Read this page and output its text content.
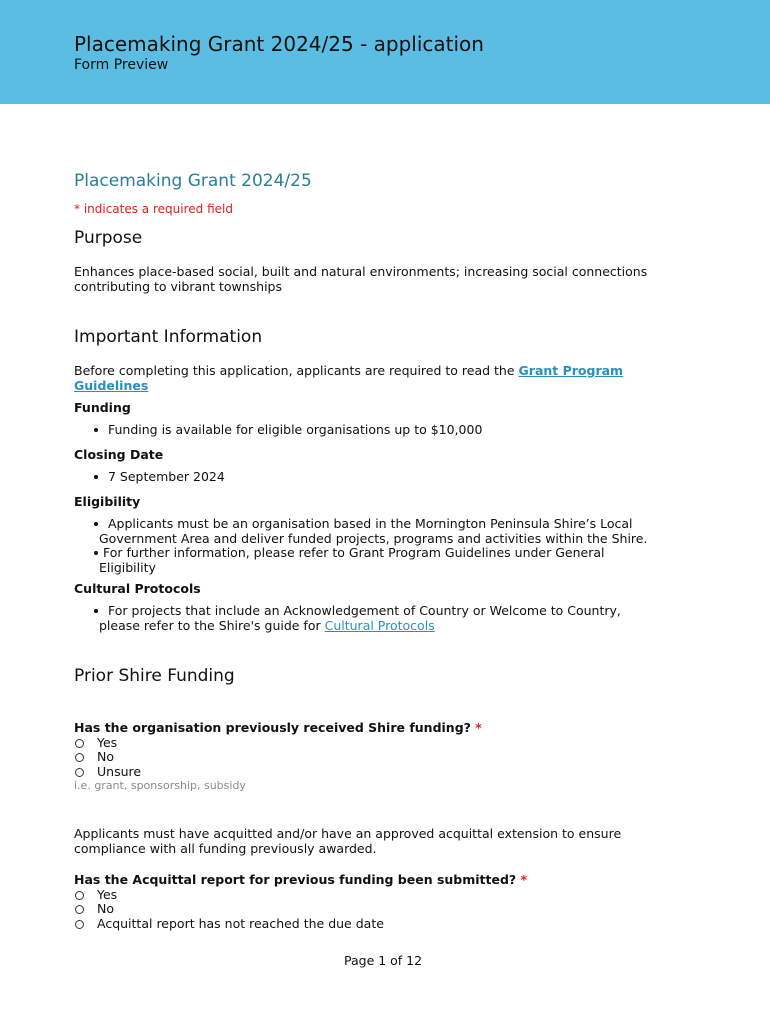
Placemaking Grant 2024/25 - application
Form Preview
Placemaking Grant 2024/25
* indicates a required field
Purpose
Enhances place-based social, built and natural environments; increasing social connections
contributing to vibrant townships
Important Information
Before completing this application, applicants are required to read the Grant Program
Guidelines
Funding
Funding is available for eligible organisations up to $10,000
Closing Date
7 September 2024
Eligibility
Applicants must be an organisation based in the Mornington Peninsula Shire’s Local
Government Area and deliver funded projects, programs and activities within the Shire.
For further information, please refer to Grant Program Guidelines under General
Eligibility
Cultural Protocols
For projects that include an Acknowledgement of Country or Welcome to Country,
please refer to the Shire's guide for Cultural Protocols
Prior Shire Funding
Has the organisation previously received Shire funding? *
Yes
No
Unsure
i.e. grant, sponsorship, subsidy
Applicants must have acquitted and/or have an approved acquittal extension to ensure
compliance with all funding previously awarded.
Has the Acquittal report for previous funding been submitted? *
Yes
No
Acquittal report has not reached the due date
Page 1 of 12
